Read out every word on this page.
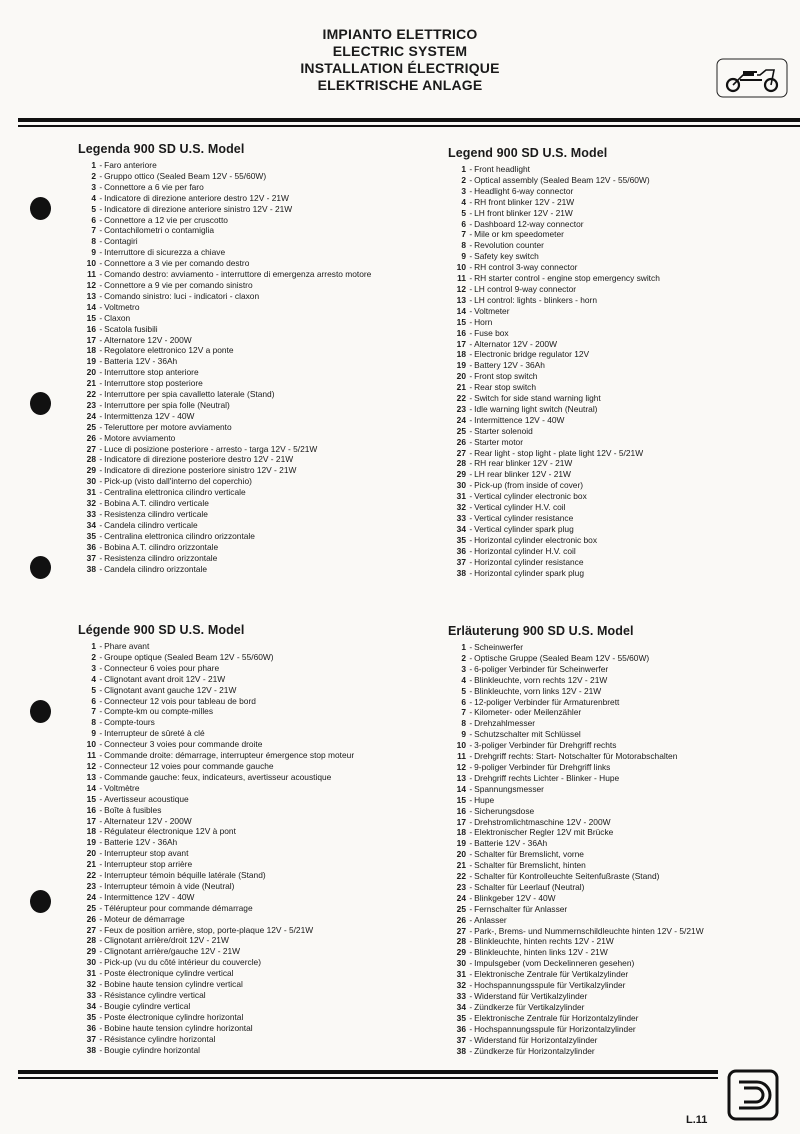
IMPIANTO ELETTRICO
ELECTRIC SYSTEM
INSTALLATION ÉLECTRIQUE
ELEKTRISCHE ANLAGE
Legenda 900 SD U.S. Model
1 - Faro anteriore
2 - Gruppo ottico (Sealed Beam 12V - 55/60W)
3 - Connettore a 6 vie per faro
4 - Indicatore di direzione anteriore destro 12V - 21W
5 - Indicatore di direzione anteriore sinistro 12V - 21W
6 - Connettore a 12 vie per cruscotto
7 - Contachilometri o contamiglia
8 - Contagiri
9 - Interruttore di sicurezza a chiave
10 - Connettore a 3 vie per comando destro
11 - Comando destro: avviamento - interruttore di emergenza arresto motore
12 - Connettore a 9 vie per comando sinistro
13 - Comando sinistro: luci - indicatori - claxon
14 - Voltmetro
15 - Claxon
16 - Scatola fusibili
17 - Alternatore 12V - 200W
18 - Regolatore elettronico 12V a ponte
19 - Batteria 12V - 36Ah
20 - Interruttore stop anteriore
21 - Interruttore stop posteriore
22 - Interruttore per spia cavalletto laterale (Stand)
23 - Interruttore per spia folle (Neutral)
24 - Intermittenza 12V - 40W
25 - Teleruttore per motore avviamento
26 - Motore avviamento
27 - Luce di posizione posteriore - arresto - targa 12V - 5/21W
28 - Indicatore di direzione posteriore destro 12V - 21W
29 - Indicatore di direzione posteriore sinistro 12V - 21W
30 - Pick-up (visto dall'interno del coperchio)
31 - Centralina elettronica cilindro verticale
32 - Bobina A.T. cilindro verticale
33 - Resistenza cilindro verticale
34 - Candela cilindro verticale
35 - Centralina elettronica cilindro orizzontale
36 - Bobina A.T. cilindro orizzontale
37 - Resistenza cilindro orizzontale
38 - Candela cilindro orizzontale
Legend 900 SD U.S. Model
1 - Front headlight
2 - Optical assembly (Sealed Beam 12V - 55/60W)
3 - Headlight 6-way connector
4 - RH front blinker 12V - 21W
5 - LH front blinker 12V - 21W
6 - Dashboard 12-way connector
7 - Mile or km speedometer
8 - Revolution counter
9 - Safety key switch
10 - RH control 3-way connector
11 - RH starter control - engine stop emergency switch
12 - LH control 9-way connector
13 - LH control: lights - blinkers - horn
14 - Voltmeter
15 - Horn
16 - Fuse box
17 - Alternator 12V - 200W
18 - Electronic bridge regulator 12V
19 - Battery 12V - 36Ah
20 - Front stop switch
21 - Rear stop switch
22 - Switch for side stand warning light
23 - Idle warning light switch (Neutral)
24 - Intermittence 12V - 40W
25 - Starter solenoid
26 - Starter motor
27 - Rear light - stop light - plate light 12V - 5/21W
28 - RH rear blinker 12V - 21W
29 - LH rear blinker 12V - 21W
30 - Pick-up (from inside of cover)
31 - Vertical cylinder electronic box
32 - Vertical cylinder H.V. coil
33 - Vertical cylinder resistance
34 - Vertical cylinder spark plug
35 - Horizontal cylinder electronic box
36 - Horizontal cylinder H.V. coil
37 - Horizontal cylinder resistance
38 - Horizontal cylinder spark plug
Légende 900 SD U.S. Model
1 - Phare avant
2 - Groupe optique (Sealed Beam 12V - 55/60W)
3 - Connecteur 6 voies pour phare
4 - Clignotant avant droit 12V - 21W
5 - Clignotant avant gauche 12V - 21W
6 - Connecteur 12 vois pour tableau de bord
7 - Compte-km ou compte-milles
8 - Compte-tours
9 - Interrupteur de sûreté à clé
10 - Connecteur 3 voies pour commande droite
11 - Commande droite: démarrage, interrupteur émergence stop moteur
12 - Connecteur 12 voies pour commande gauche
13 - Commande gauche: feux, indicateurs, avertisseur acoustique
14 - Voltmètre
15 - Avertisseur acoustique
16 - Boîte à fusibles
17 - Alternateur 12V - 200W
18 - Régulateur électronique 12V à pont
19 - Batterie 12V - 36Ah
20 - Interrupteur stop avant
21 - Interrupteur stop arrière
22 - Interrupteur témoin béquille latérale (Stand)
23 - Interrupteur témoin à vide (Neutral)
24 - Intermittence 12V - 40W
25 - Télérupteur pour commande démarrage
26 - Moteur de démarrage
27 - Feux de position arrière, stop, porte-plaque 12V - 5/21W
28 - Clignotant arrière/droit 12V - 21W
29 - Clignotant arrière/gauche 12V - 21W
30 - Pick-up (vu du côté intérieur du couvercle)
31 - Poste électronique cylindre vertical
32 - Bobine haute tension cylindre vertical
33 - Résistance cylindre vertical
34 - Bougie cylindre vertical
35 - Poste électronique cylindre horizontal
36 - Bobine haute tension cylindre horizontal
37 - Résistance cylindre horizontal
38 - Bougie cylindre horizontal
Erläuterung 900 SD U.S. Model
1 - Scheinwerfer
2 - Optische Gruppe (Sealed Beam 12V - 55/60W)
3 - 6-poliger Verbinder für Scheinwerfer
4 - Blinkleuchte, vorn rechts 12V - 21W
5 - Blinkleuchte, vorn links 12V - 21W
6 - 12-poliger Verbinder für Armaturenbrett
7 - Kilometer- oder Meilenzähler
8 - Drehzahlmesser
9 - Schutzschalter mit Schlüssel
10 - 3-poliger Verbinder für Drehgriff rechts
11 - Drehgriff rechts: Start- Notschalter für Motorabschalten
12 - 9-poliger Verbinder für Drehgriff links
13 - Drehgriff rechts Lichter - Blinker - Hupe
14 - Spannungsmesser
15 - Hupe
16 - Sicherungsdose
17 - Drehstromlichtmaschine 12V - 200W
18 - Elektronischer Regler 12V mit Brücke
19 - Batterie 12V - 36Ah
20 - Schalter für Bremslicht, vorne
21 - Schalter für Bremslicht, hinten
22 - Schalter für Kontrolleuchte Seitenfußraste (Stand)
23 - Schalter für Leerlauf (Neutral)
24 - Blinkgeber 12V - 40W
25 - Fernschalter für Anlasser
26 - Anlasser
27 - Park-, Brems- und Nummernschildleuchte hinten 12V - 5/21W
28 - Blinkleuchte, hinten rechts 12V - 21W
29 - Blinkleuchte, hinten links 12V - 21W
30 - Impulsgeber (vom Deckelinneren gesehen)
31 - Elektronische Zentrale für Vertikalzylinder
32 - Hochspannungsspule für Vertikalzylinder
33 - Widerstand für Vertikalzylinder
34 - Zündkerze für Vertikalzylinder
35 - Elektronische Zentrale für Horizontalzylinder
36 - Hochspannungsspule für Horizontalzylinder
37 - Widerstand für Horizontalzylinder
38 - Zündkerze für Horizontalzylinder
L.11
